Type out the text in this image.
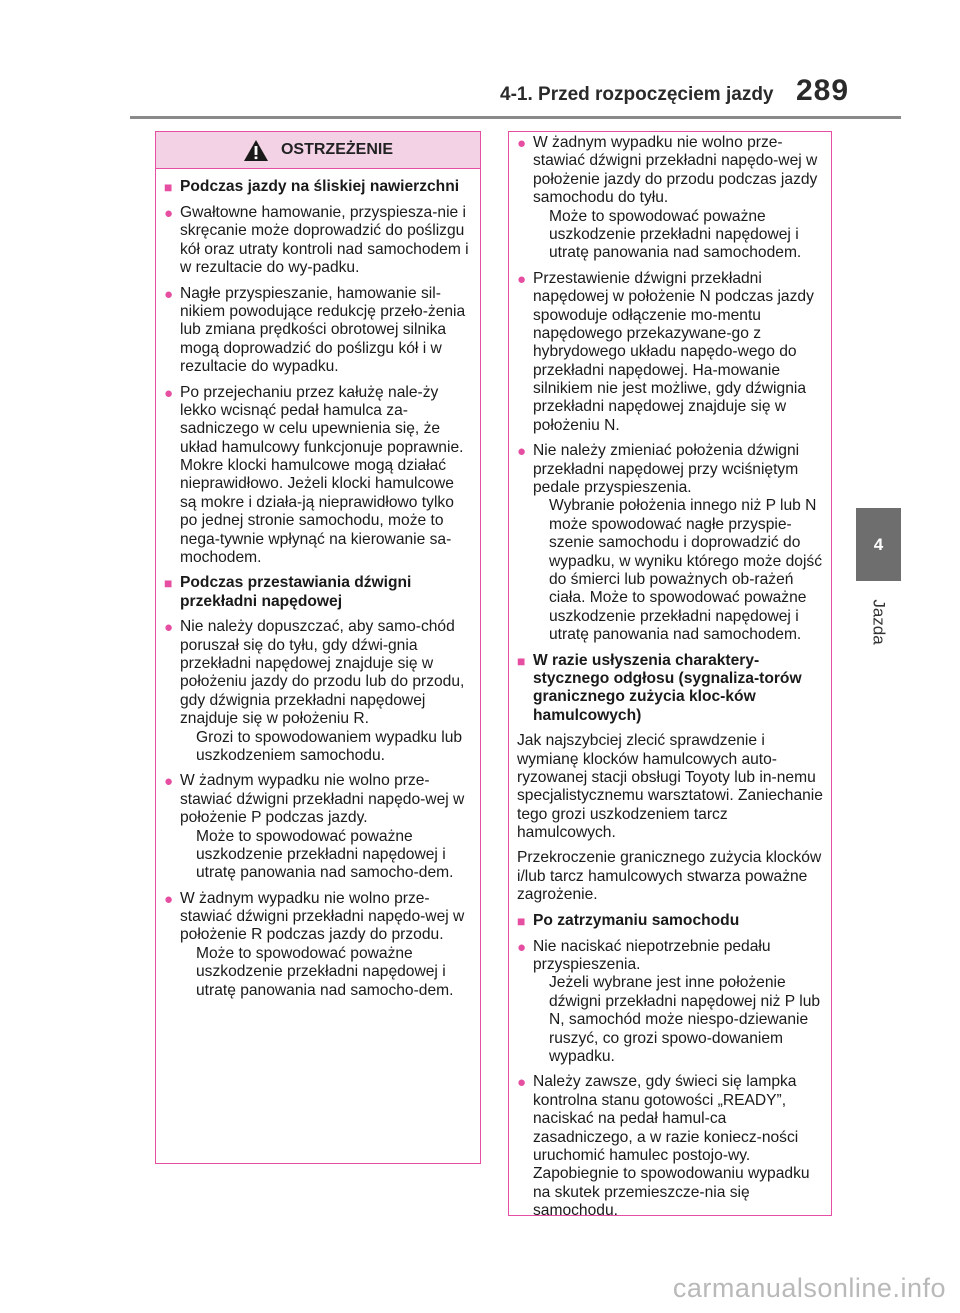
4-1. Przed rozpoczęciem jazdy 289
4
Jazda
OSTRZEŻENIE
■ Podczas jazdy na śliskiej nawierzchni
● Gwałtowne hamowanie, przyspiesza-nie i skręcanie może doprowadzić do poślizgu kół oraz utraty kontroli nad samochodem i w rezultacie do wy-padku.
● Nagłe przyspieszanie, hamowanie sil-nikiem powodujące redukcję przeło-żenia lub zmiana prędkości obrotowej silnika mogą doprowadzić do poślizgu kół i w rezultacie do wypadku.
● Po przejechaniu przez kałużę nale-ży lekko wcisnąć pedał hamulca za-sadniczego w celu upewnienia się, że układ hamulcowy funkcjonuje poprawnie. Mokre klocki hamulcowe mogą działać nieprawidłowo. Jeżeli klocki hamulcowe są mokre i działa-ją nieprawidłowo tylko po jednej stronie samochodu, może to nega-tywnie wpłynąć na kierowanie sa-mochodem.
■ Podczas przestawiania dźwigni przekładni napędowej
● Nie należy dopuszczać, aby samo-chód poruszał się do tyłu, gdy dźwi-gnia przekładni napędowej znajduje się w położeniu jazdy do przodu lub do przodu, gdy dźwignia przekładni napędowej znajduje się w położeniu R.

Grozi to spowodowaniem wypadku lub uszkodzeniem samochodu.

● W żadnym wypadku nie wolno prze-stawiać dźwigni przekładni napędo-wej w położenie P podczas jazdy.

Może to spowodować poważne uszkodzenie przekładni napędowej i utratę panowania nad samocho-dem.

● W żadnym wypadku nie wolno prze-stawiać dźwigni przekładni napędo-wej w położenie R podczas jazdy do przodu.

Może to spowodować poważne uszkodzenie przekładni napędowej i utratę panowania nad samocho-dem.

● W żadnym wypadku nie wolno prze-stawiać dźwigni przekładni napędo-wej w położenie jazdy do przodu podczas jazdy samochodu do tyłu.

Może to spowodować poważne uszkodzenie przekładni napędowej i utratę panowania nad samochodem.

● Przestawienie dźwigni przekładni napędowej w położenie N podczas jazdy spowoduje odłączenie mo-mentu napędowego przekazywane-go z hybrydowego układu napędo-wego do przekładni napędowej. Ha-mowanie silnikiem nie jest możliwe, gdy dźwignia przekładni napędowej znajduje się w położeniu N.
● Nie należy zmieniać położenia dźwigni przekładni napędowej przy wciśniętym pedale przyspieszenia.

Wybranie położenia innego niż P lub N może spowodować nagłe przyspie-szenie samochodu i doprowadzić do wypadku, w wyniku którego może dojść do śmierci lub poważnych ob-rażeń ciała. Może to spowodować poważne uszkodzenie przekładni napędowej i utratę panowania nad samochodem.

■ W razie usłyszenia charaktery-stycznego odgłosu (sygnaliza-torów granicznego zużycia kloc-ków hamulcowych)

Jak najszybciej zlecić sprawdzenie i wymianę klocków hamulcowych auto-ryzowanej stacji obsługi Toyoty lub in-nemu specjalistycznemu warsztatowi. Zaniechanie tego grozi uszkodzeniem tarcz hamulcowych.

Przekroczenie granicznego zużycia klocków i/lub tarcz hamulcowych stwarza poważne zagrożenie.

■ Po zatrzymaniu samochodu
● Nie naciskać niepotrzebnie pedału przyspieszenia.

Jeżeli wybrane jest inne położenie dźwigni przekładni napędowej niż P lub N, samochód może niespo-dziewanie ruszyć, co grozi spowo-dowaniem wypadku.

● Należy zawsze, gdy świeci się lampka kontrolna stanu gotowości „READY”, naciskać na pedał hamul-ca zasadniczego, a w razie koniecz-ności uruchomić hamulec postojo-wy. Zapobiegnie to spowodowaniu wypadku na skutek przemieszcze-nia się samochodu.
carmanualsonline.info
